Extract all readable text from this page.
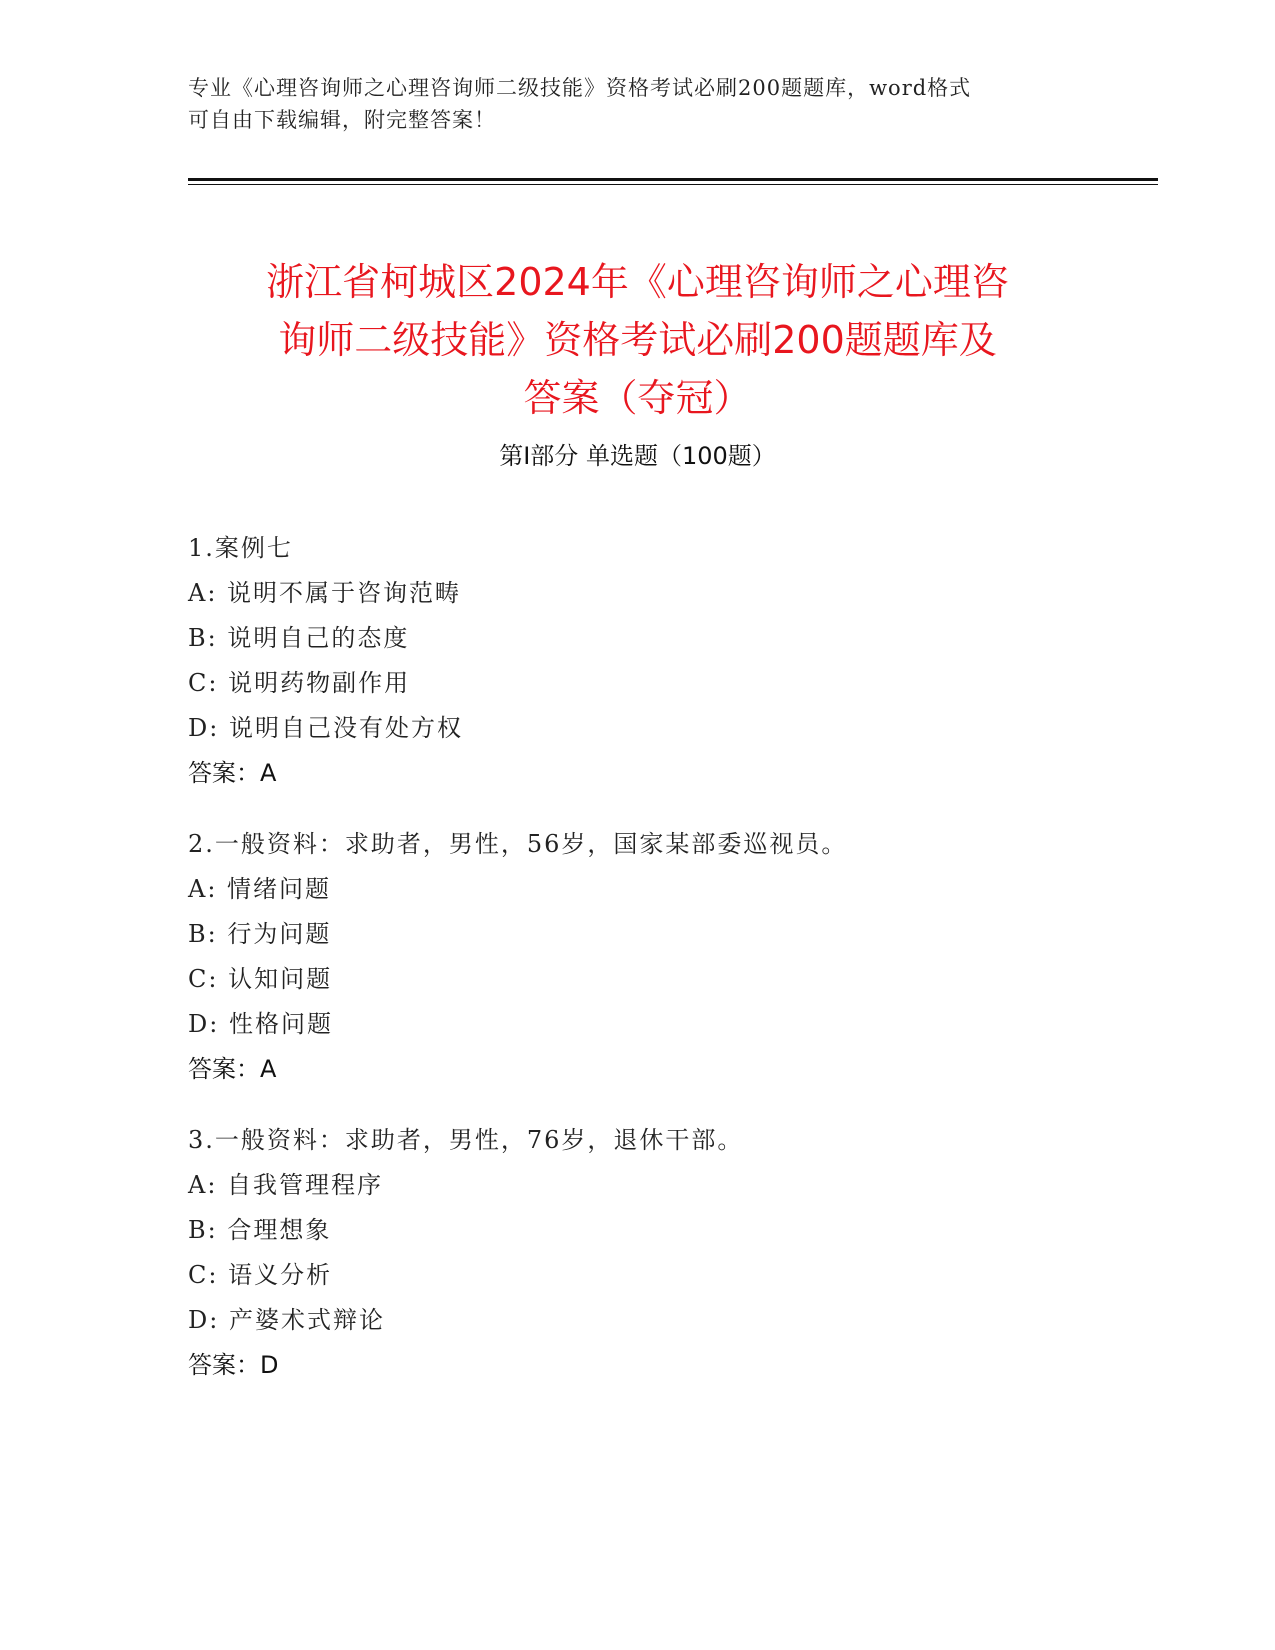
专业《心理咨询师之心理咨询师二级技能》资格考试必刷200题题库，word格式
可自由下载编辑，附完整答案！
浙江省柯城区2024年《心理咨询师之心理咨
询师二级技能》资格考试必刷200题题库及
答案（夺冠）
第Ⅰ部分 单选题（100题）
1.案例七
A: 说明不属于咨询范畴
B: 说明自己的态度
C: 说明药物副作用
D: 说明自己没有处方权
答案：A
2.一般资料：求助者，男性，56岁，国家某部委巡视员。
A: 情绪问题
B: 行为问题
C: 认知问题
D: 性格问题
答案：A
3.一般资料：求助者，男性，76岁，退休干部。
A: 自我管理程序
B: 合理想象
C: 语义分析
D: 产婆术式辩论
答案：D
